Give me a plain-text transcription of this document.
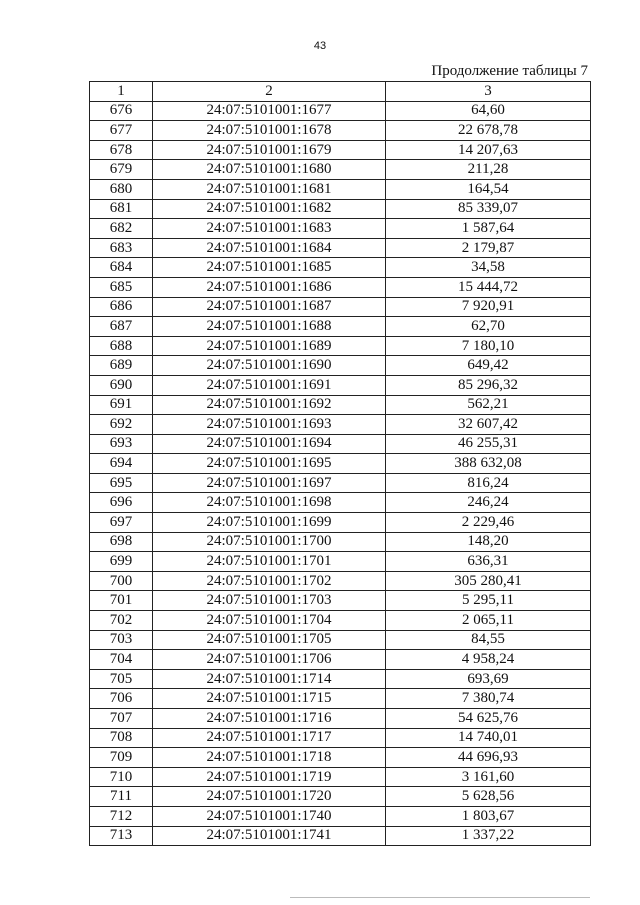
43
Продолжение таблицы 7
1	2	3
676	24:07:5101001:1677	64,60
677	24:07:5101001:1678	22 678,78
678	24:07:5101001:1679	14 207,63
679	24:07:5101001:1680	211,28
680	24:07:5101001:1681	164,54
681	24:07:5101001:1682	85 339,07
682	24:07:5101001:1683	1 587,64
683	24:07:5101001:1684	2 179,87
684	24:07:5101001:1685	34,58
685	24:07:5101001:1686	15 444,72
686	24:07:5101001:1687	7 920,91
687	24:07:5101001:1688	62,70
688	24:07:5101001:1689	7 180,10
689	24:07:5101001:1690	649,42
690	24:07:5101001:1691	85 296,32
691	24:07:5101001:1692	562,21
692	24:07:5101001:1693	32 607,42
693	24:07:5101001:1694	46 255,31
694	24:07:5101001:1695	388 632,08
695	24:07:5101001:1697	816,24
696	24:07:5101001:1698	246,24
697	24:07:5101001:1699	2 229,46
698	24:07:5101001:1700	148,20
699	24:07:5101001:1701	636,31
700	24:07:5101001:1702	305 280,41
701	24:07:5101001:1703	5 295,11
702	24:07:5101001:1704	2 065,11
703	24:07:5101001:1705	84,55
704	24:07:5101001:1706	4 958,24
705	24:07:5101001:1714	693,69
706	24:07:5101001:1715	7 380,74
707	24:07:5101001:1716	54 625,76
708	24:07:5101001:1717	14 740,01
709	24:07:5101001:1718	44 696,93
710	24:07:5101001:1719	3 161,60
711	24:07:5101001:1720	5 628,56
712	24:07:5101001:1740	1 803,67
713	24:07:5101001:1741	1 337,22
